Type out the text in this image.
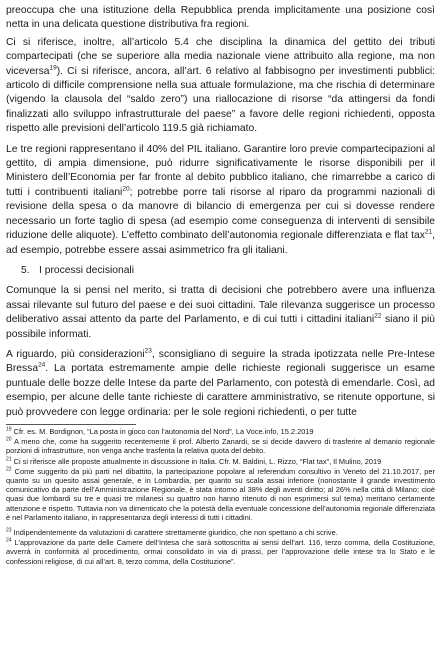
preoccupa che una istituzione della Repubblica prenda implicitamente una posizione così netta in una delicata questione distributiva fra regioni.

Ci si riferisce, inoltre, all’articolo 5.4 che disciplina la dinamica del gettito dei tributi compartecipati (che se superiore alla media nazionale viene attribuito alla regione, ma non viceversa$^{19}$). Ci si riferisce, ancora, all’art. 6 relativo al fabbisogno per investimenti pubblici: articolo di difficile comprensione nella sua attuale formulazione, ma che rischia di determinare (vigendo la clausola del “saldo zero”) una riallocazione di risorse “da attingersi da fondi finalizzati allo sviluppo infrastrutturale del paese” a favore delle regioni richiedenti, opposta rispetto alle previsioni dell’articolo 119.5 già richiamato.

Le tre regioni rappresentano il 40% del PIL italiano. Garantire loro previe compartecipazioni al gettito, di ampia dimensione, può ridurre significativamente le risorse disponibili per il Ministero dell’Economia per far fronte al debito pubblico italiano, che rimarrebbe a carico di tutti i contribuenti italiani$^{20}$; potrebbe porre tali risorse al riparo da programmi nazionali di revisione della spesa o da manovre di bilancio di emergenza per cui si dovesse rendere necessario un forte taglio di spesa (ad esempio come conseguenza di interventi di sensibile riduzione delle aliquote). L’effetto combinato dell’autonomia regionale differenziata e flat tax$^{21}$, ad esempio, potrebbe essere assai asimmetrico fra gli italiani.

5. I processi decisionali

Comunque la si pensi nel merito, si tratta di decisioni che potrebbero avere una influenza assai rilevante sul futuro del paese e dei suoi cittadini. Tale rilevanza suggerisce un processo deliberativo assai attento da parte del Parlamento, e di cui tutti i cittadini italiani$^{22}$ siano il più possibile informati.

A riguardo, più considerazioni$^{23}$, sconsigliano di seguire la strada ipotizzata nelle Pre-Intese Bressa$^{24}$. La portata estremamente ampie delle richieste regionali suggerisce un esame puntuale delle bozze delle Intese da parte del Parlamento, con potestà di emendarle. Così, ad esempio, per alcune delle tante richieste di carattere amministrativo, se ritenute opportune, si può provvedere con legge ordinaria: per le sole regioni richiedenti, o per tutte

$^{19}$ Cfr. es. M. Bordignon, “La posta in gioco con l’autonomia del Nord”, La Voce.info, 15.2.2019

$^{20}$ A meno che, come ha suggerito recentemente il prof. Alberto Zanardi, se si decide davvero di trasferire al demanio regionale porzioni di infrastrutture, non venga anche trasferita la relativa quota del debito.

$^{21}$ Ci si riferisce alle proposte attualmente in discussione in Italia. Cfr. M. Baldini, L. Rizzo, “Flat tax”, Il Mulino, 2019

$^{22}$ Come suggerito da più parti nel dibattito, la partecipazione popolare al referendum consultivo in Veneto del 21.10.2017, per quanto su un quesito assai generale, e in Lombardia, per quanto su scala assai inferiore (nonostante il grande investimento comunicativo da parte dell’Amministrazione Regionale, è stata intorno al 38% degli aventi diritto; al 26% nella città di Milano; cioè quasi due lombardi su tre e quasi tre milanesi su quattro non hanno ritenuto di non esprimersi sul tema) meritano certamente attenzione e rispetto. Tuttavia non va dimenticato che la potestà della eventuale concessione dell’autonomia regionale differenziata è nel Parlamento italiano, in rappresentanza degli interessi di tutti i cittadini.

$^{23}$ Indipendentemente da valutazioni di carattere strettamente giuridico, che non spettano a chi scrive.

$^{24}$ L’approvazione da parte delle Camere dell’Intesa che sarà sottoscritta ai sensi dell’art. 116, terzo comma, della Costituzione, avverrà in conformità al procedimento, ormai consolidato in via di prassi, per l’approvazione delle intese tra lo Stato e le confessioni religiose, di cui all’art. 8, terzo comma, della Costituzione”.
